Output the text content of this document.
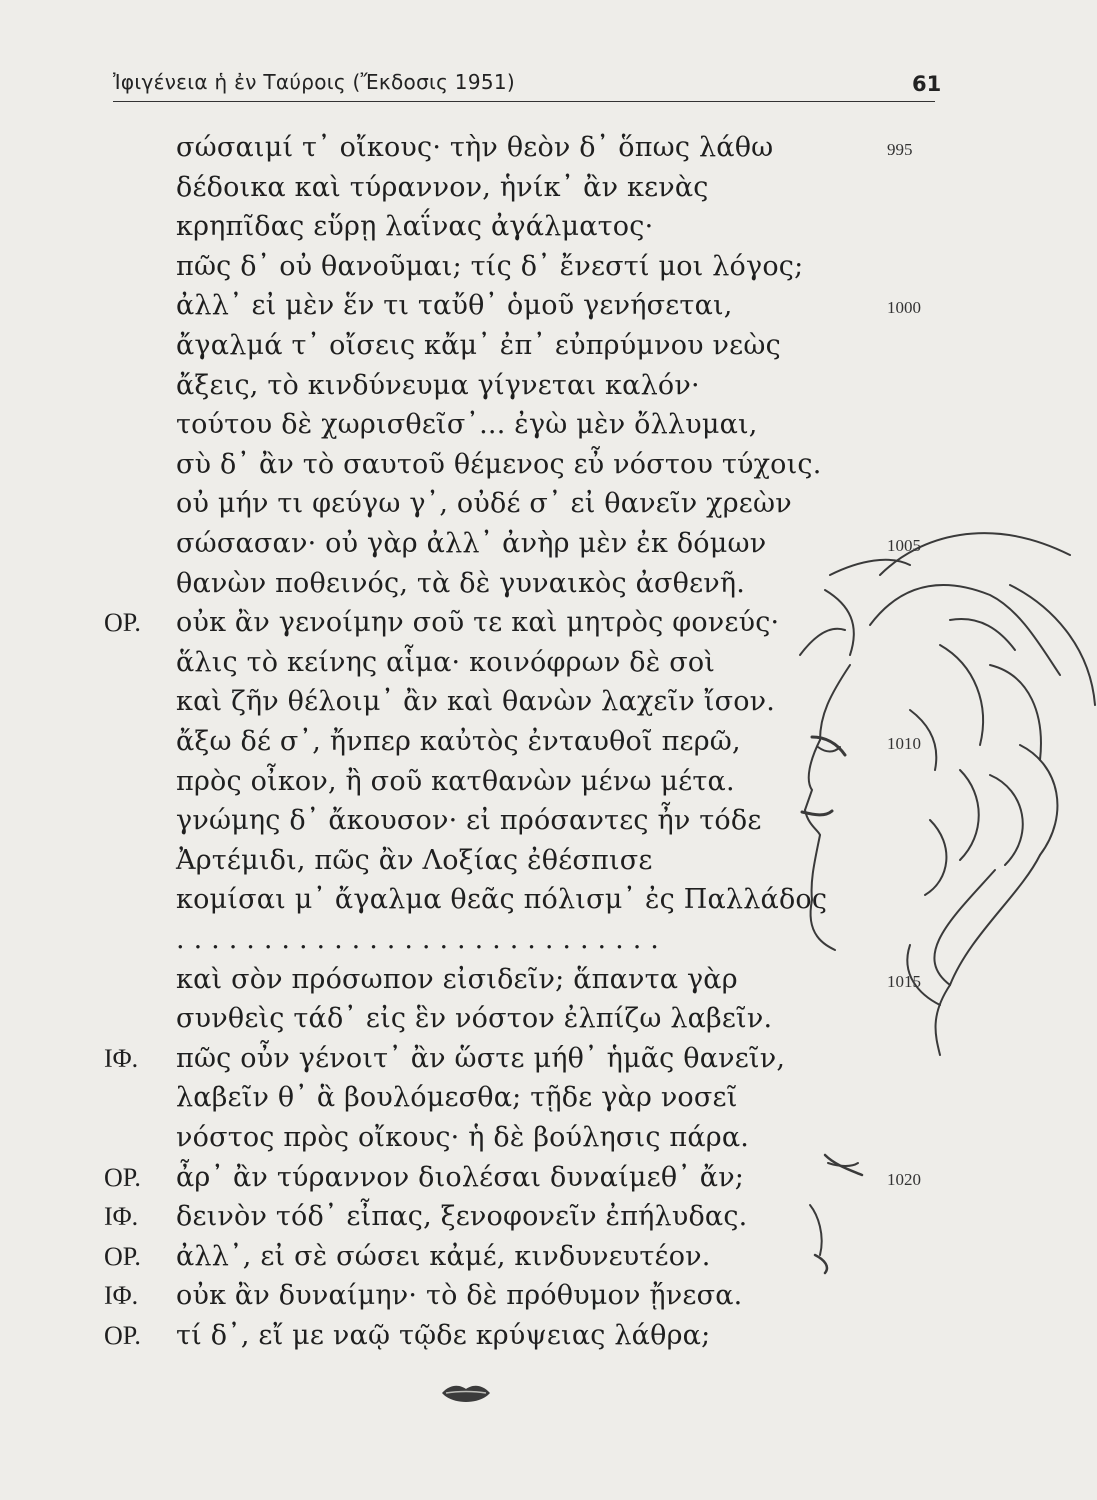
Ἰφιγένεια ἡ ἐν Ταύροις (Ἔκδοσις 1951)	61
σώσαιμί τ᾽ οἴκους· τὴν θεὸν δ᾽ ὅπως λάθω	995
δέδοικα καὶ τύραννον, ἡνίκ᾽ ἂν κενὰς
κρηπῖδας εὕρῃ λαΐνας ἀγάλματος·
πῶς δ᾽ οὐ θανοῦμαι; τίς δ᾽ ἔνεστί μοι λόγος;
ἀλλ᾽ εἰ μὲν ἕν τι ταὔθ᾽ ὁμοῦ γενήσεται,	1000
ἄγαλμά τ᾽ οἴσεις κἄμ᾽ ἐπ᾽ εὐπρύμνου νεὼς
ἄξεις, τὸ κινδύνευμα γίγνεται καλόν·
τούτου δὲ χωρισθεῖσ᾽... ἐγὼ μὲν ὄλλυμαι,
σὺ δ᾽ ἂν τὸ σαυτοῦ θέμενος εὖ νόστου τύχοις.
οὐ μήν τι φεύγω γ᾽, οὐδέ σ᾽ εἰ θανεῖν χρεὼν
σώσασαν· οὐ γὰρ ἀλλ᾽ ἀνὴρ μὲν ἐκ δόμων	1005
θανὼν ποθεινός, τὰ δὲ γυναικὸς ἀσθενῆ.
ΟΡ. οὐκ ἂν γενοίμην σοῦ τε καὶ μητρὸς φονεύς·
ἅλις τὸ κείνης αἷμα· κοινόφρων δὲ σοὶ
καὶ ζῆν θέλοιμ᾽ ἂν καὶ θανὼν λαχεῖν ἴσον.
ἄξω δέ σ᾽, ἤνπερ καὐτὸς ἐνταυθοῖ περῶ,	1010
πρὸς οἶκον, ἢ σοῦ κατθανὼν μένω μέτα.
γνώμης δ᾽ ἄκουσον· εἰ πρόσαντες ἦν τόδε
Ἀρτέμιδι, πῶς ἂν Λοξίας ἐθέσπισε
κομίσαι μ᾽ ἄγαλμα θεᾶς πόλισμ᾽ ἐς Παλλάδος
. . . . . . . . . . . . . . . . . . . . . . . . . . . .
καὶ σὸν πρόσωπον εἰσιδεῖν; ἅπαντα γὰρ	1015
συνθεὶς τάδ᾽ εἰς ἓν νόστον ἐλπίζω λαβεῖν.
ΙΦ. πῶς οὖν γένοιτ᾽ ἂν ὥστε μήθ᾽ ἡμᾶς θανεῖν,
λαβεῖν θ᾽ ἃ βουλόμεσθα; τῇδε γὰρ νοσεῖ
νόστος πρὸς οἴκους· ἡ δὲ βούλησις πάρα.
ΟΡ. ἆρ᾽ ἂν τύραννον διολέσαι δυναίμεθ᾽ ἄν;	1020
ΙΦ. δεινὸν τόδ᾽ εἶπας, ξενοφονεῖν ἐπήλυδας.
ΟΡ. ἀλλ᾽, εἰ σὲ σώσει κἀμέ, κινδυνευτέον.
ΙΦ. οὐκ ἂν δυναίμην· τὸ δὲ πρόθυμον ᾔνεσα.
ΟΡ. τί δ᾽, εἴ με ναῷ τῷδε κρύψειας λάθρα;
